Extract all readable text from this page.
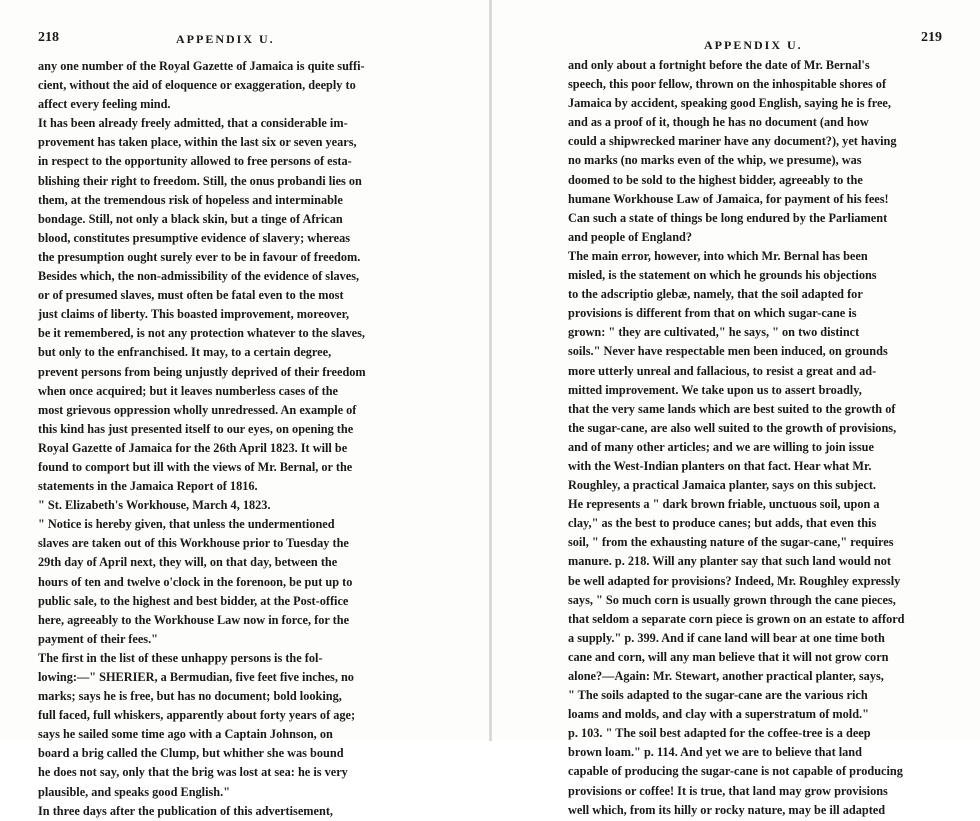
218	APPENDIX U.
any one number of the Royal Gazette of Jamaica is quite suffi-
cient, without the aid of eloquence or exaggeration, deeply to
affect every feeling mind.
It has been already freely admitted, that a considerable im-
provement has taken place, within the last six or seven years,
in respect to the opportunity allowed to free persons of esta-
blishing their right to freedom. Still, the onus probandi lies on
them, at the tremendous risk of hopeless and interminable
bondage. Still, not only a black skin, but a tinge of African
blood, constitutes presumptive evidence of slavery; whereas
the presumption ought surely ever to be in favour of freedom.
Besides which, the non-admissibility of the evidence of slaves,
or of presumed slaves, must often be fatal even to the most
just claims of liberty. This boasted improvement, moreover,
be it remembered, is not any protection whatever to the slaves,
but only to the enfranchised. It may, to a certain degree,
prevent persons from being unjustly deprived of their freedom
when once acquired; but it leaves numberless cases of the
most grievous oppression wholly unredressed. An example of
this kind has just presented itself to our eyes, on opening the
Royal Gazette of Jamaica for the 26th April 1823. It will be
found to comport but ill with the views of Mr. Bernal, or the
statements in the Jamaica Report of 1816.
" St. Elizabeth's Workhouse, March 4, 1823.
" Notice is hereby given, that unless the undermentioned
slaves are taken out of this Workhouse prior to Tuesday the
29th day of April next, they will, on that day, between the
hours of ten and twelve o'clock in the forenoon, be put up to
public sale, to the highest and best bidder, at the Post-office
here, agreeably to the Workhouse Law now in force, for the
payment of their fees."
The first in the list of these unhappy persons is the fol-
lowing:—" SHERIER, a Bermudian, five feet five inches, no
marks; says he is free, but has no document; bold looking,
full faced, full whiskers, apparently about forty years of age;
says he sailed some time ago with a Captain Johnson, on
board a brig called the Clump, but whither she was bound
he does not say, only that the brig was lost at sea: he is very
plausible, and speaks good English."
In three days after the publication of this advertisement,
APPENDIX U.	219
and only about a fortnight before the date of Mr. Bernal's
speech, this poor fellow, thrown on the inhospitable shores of
Jamaica by accident, speaking good English, saying he is free,
and as a proof of it, though he has no document (and how
could a shipwrecked mariner have any document?), yet having
no marks (no marks even of the whip, we presume), was
doomed to be sold to the highest bidder, agreeably to the
humane Workhouse Law of Jamaica, for payment of his fees!
Can such a state of things be long endured by the Parliament
and people of England?
The main error, however, into which Mr. Bernal has been
misled, is the statement on which he grounds his objections
to the adscriptio glebæ, namely, that the soil adapted for
provisions is different from that on which sugar-cane is
grown: " they are cultivated," he says, " on two distinct
soils." Never have respectable men been induced, on grounds
more utterly unreal and fallacious, to resist a great and ad-
mitted improvement. We take upon us to assert broadly,
that the very same lands which are best suited to the growth of
the sugar-cane, are also well suited to the growth of provisions,
and of many other articles; and we are willing to join issue
with the West-Indian planters on that fact. Hear what Mr.
Roughley, a practical Jamaica planter, says on this subject.
He represents a " dark brown friable, unctuous soil, upon a
clay," as the best to produce canes; but adds, that even this
soil, " from the exhausting nature of the sugar-cane," requires
manure. p. 218. Will any planter say that such land would not
be well adapted for provisions? Indeed, Mr. Roughley expressly
says, " So much corn is usually grown through the cane pieces,
that seldom a separate corn piece is grown on an estate to afford
a supply." p. 399. And if cane land will bear at one time both
cane and corn, will any man believe that it will not grow corn
alone?—Again: Mr. Stewart, another practical planter, says,
" The soils adapted to the sugar-cane are the various rich
loams and molds, and clay with a superstratum of mold."
p. 103. " The soil best adapted for the coffee-tree is a deep
brown loam." p. 114. And yet we are to believe that land
capable of producing the sugar-cane is not capable of producing
provisions or coffee! It is true, that land may grow provisions
well which, from its hilly or rocky nature, may be ill adapted
